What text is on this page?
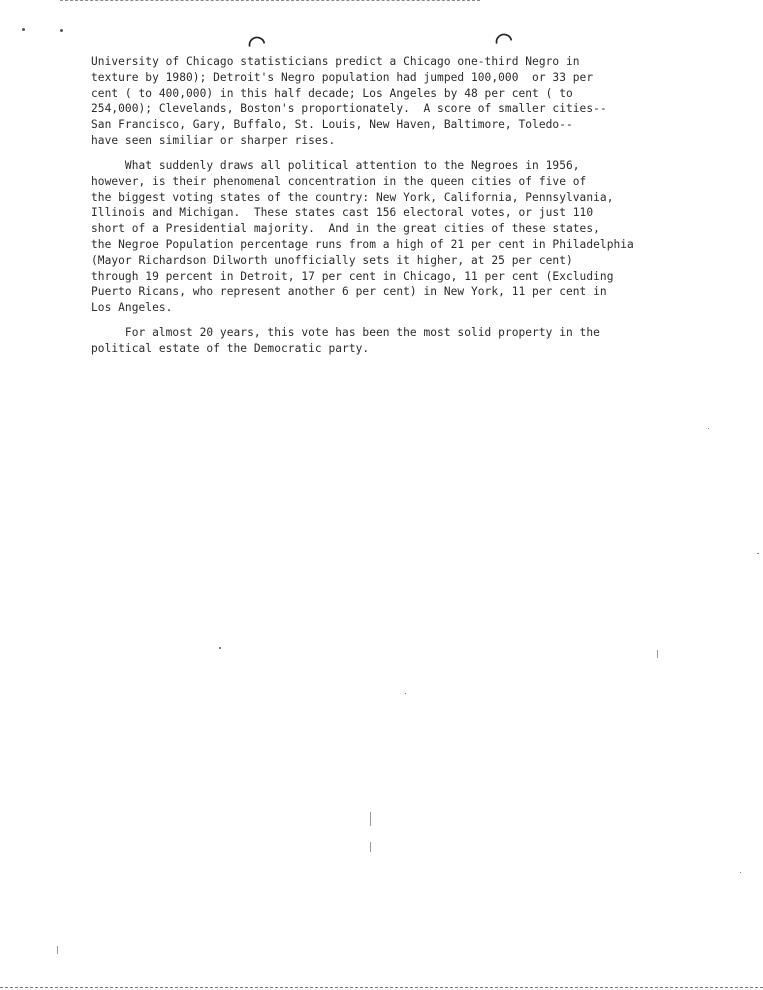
⌒	⌒
University of Chicago statisticians predict a Chicago one-third Negro in
texture by 1980); Detroit's Negro population had jumped 100,000  or 33 per
cent ( to 400,000) in this half decade; Los Angeles by 48 per cent ( to
254,000); Clevelands, Boston's proportionately.  A score of smaller cities--
San Francisco, Gary, Buffalo, St. Louis, New Haven, Baltimore, Toledo--
have seen similiar or sharper rises.
What suddenly draws all political attention to the Negroes in 1956,
however, is their phenomenal concentration in the queen cities of five of
the biggest voting states of the country: New York, California, Pennsylvania,
Illinois and Michigan.  These states cast 156 electoral votes, or just 110
short of a Presidential majority.  And in the great cities of these states,
the Negroe Population percentage runs from a high of 21 per cent in Philadelphia
(Mayor Richardson Dilworth unofficially sets it higher, at 25 per cent)
through 19 percent in Detroit, 17 per cent in Chicago, 11 per cent (Excluding
Puerto Ricans, who represent another 6 per cent) in New York, 11 per cent in
Los Angeles.
For almost 20 years, this vote has been the most solid property in the
political estate of the Democratic party.
